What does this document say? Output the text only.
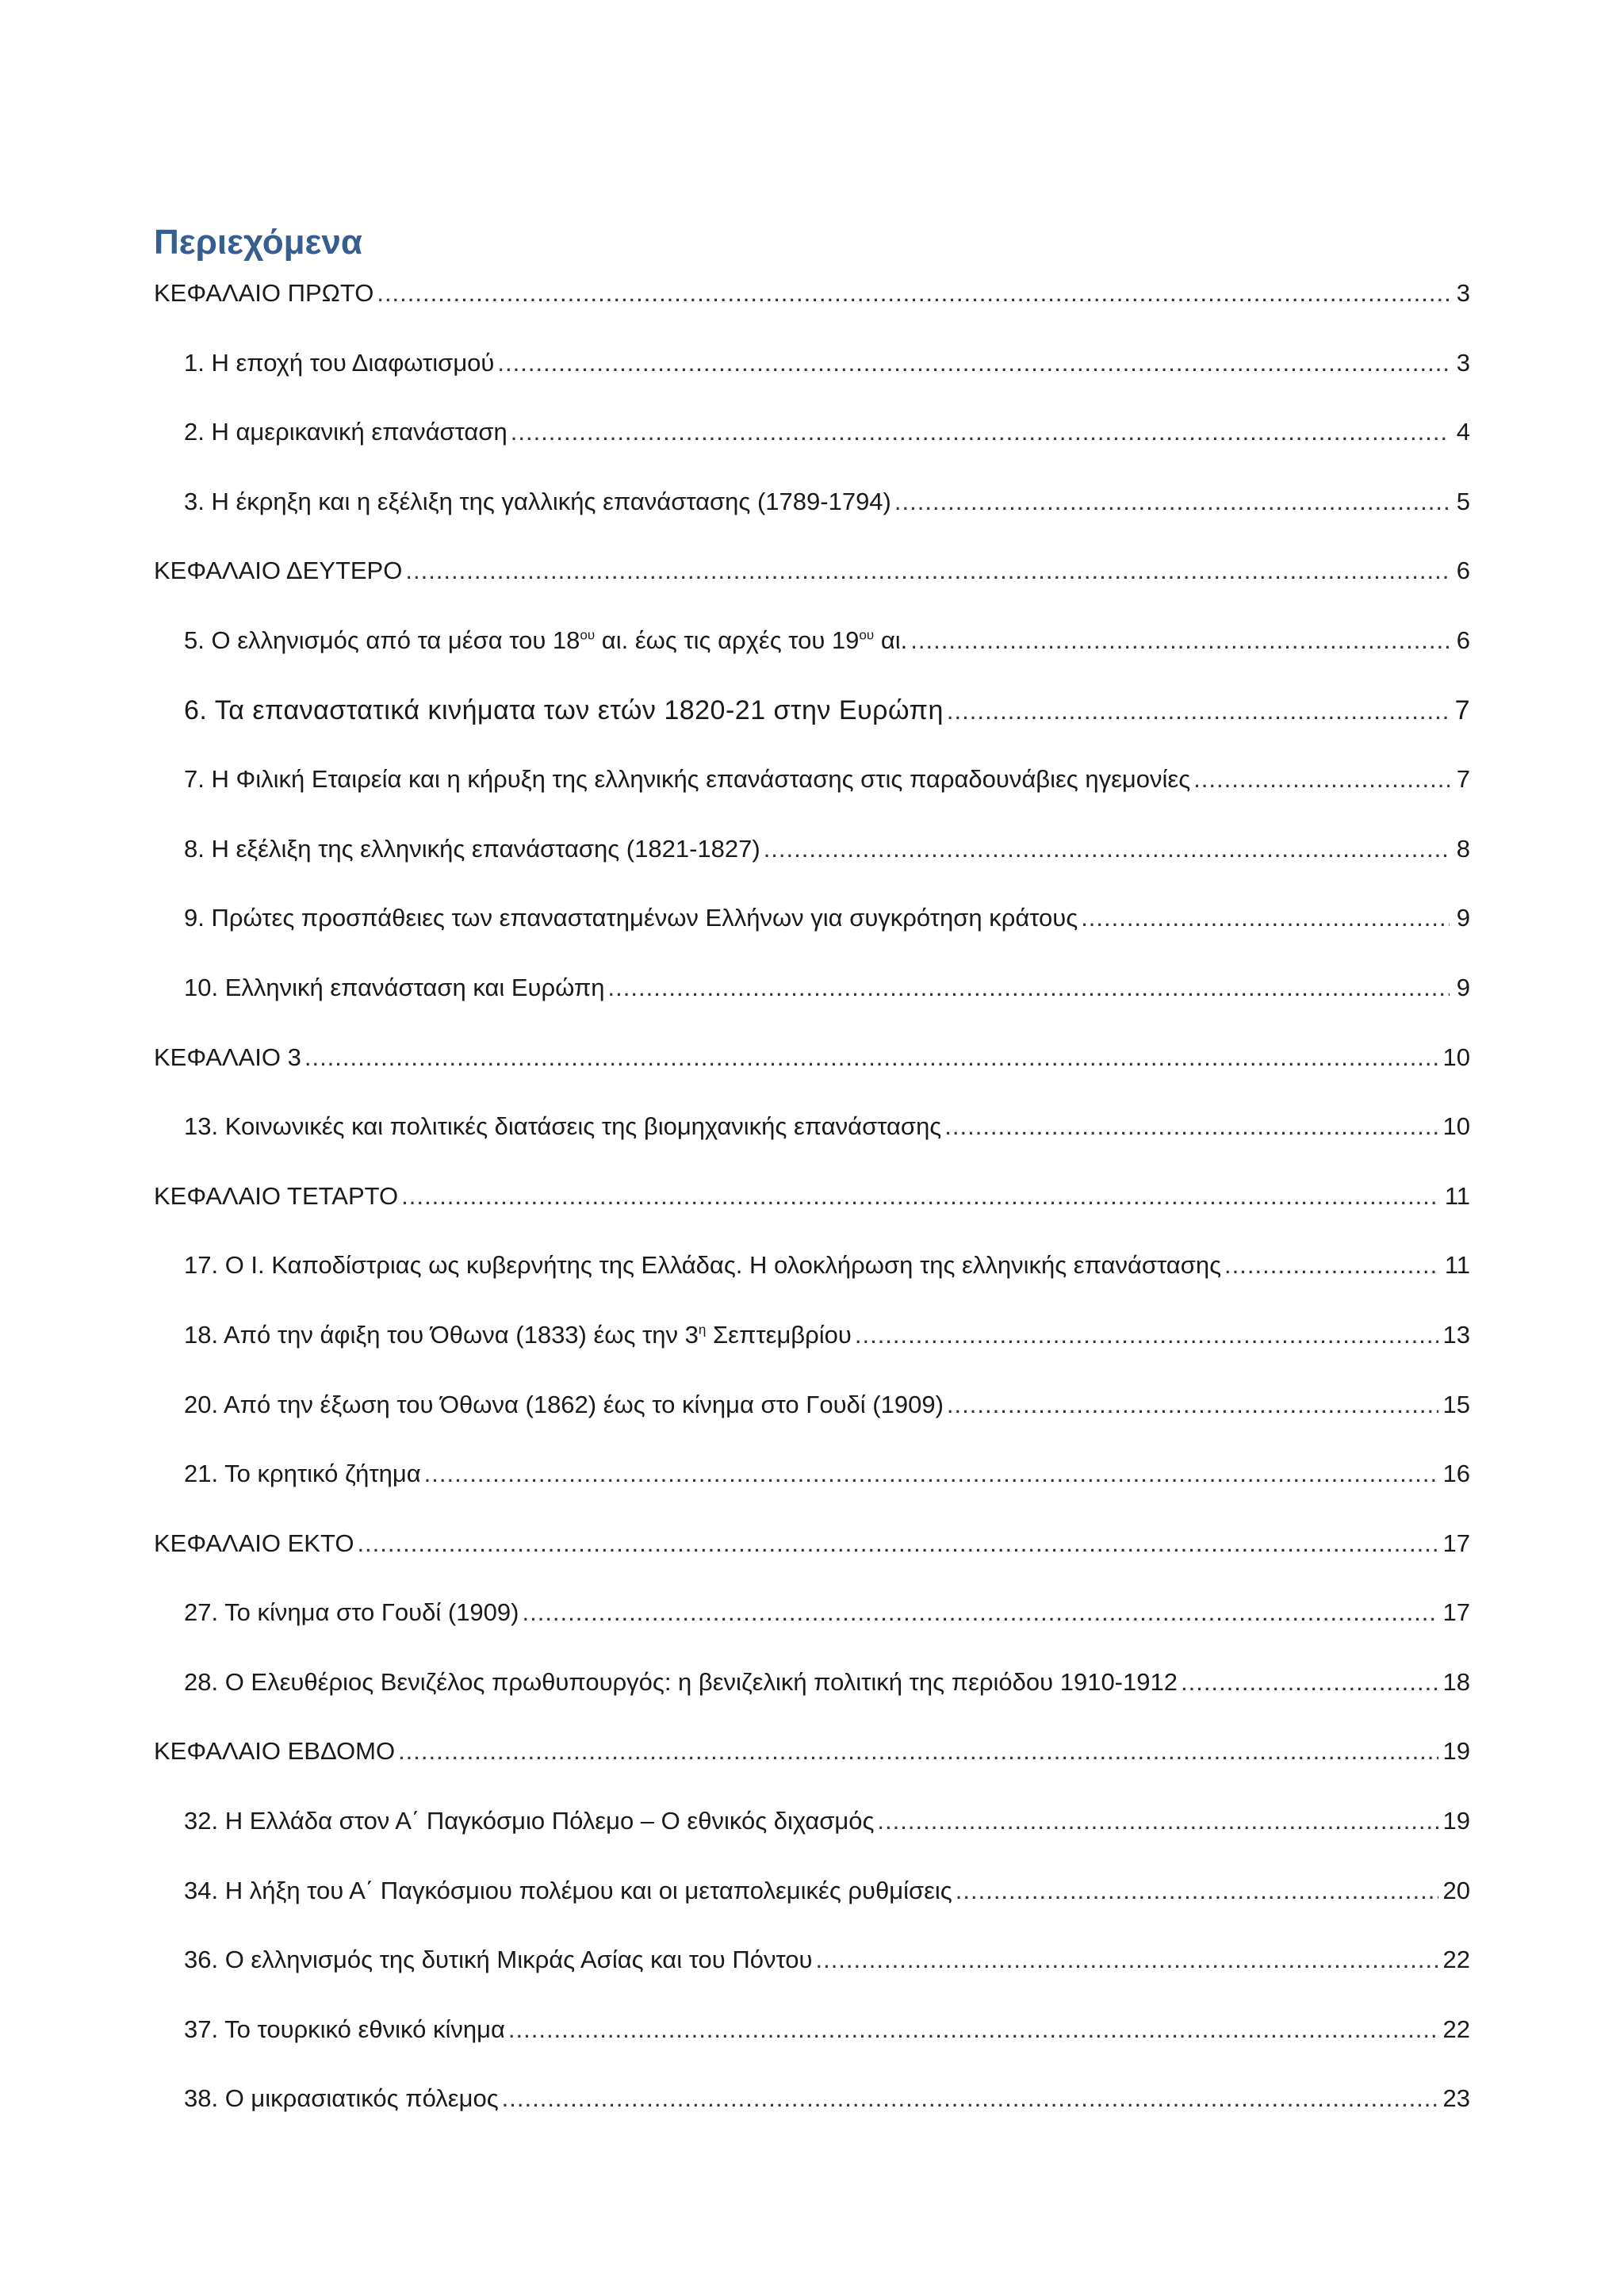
Περιεχόμενα
ΚΕΦΑΛΑΙΟ ΠΡΩΤΟ .....	3
1. Η εποχή του Διαφωτισμού .....	3
2. Η αμερικανική επανάσταση .....	4
3. Η έκρηξη και η εξέλιξη της γαλλικής επανάστασης (1789-1794) .....	5
ΚΕΦΑΛΑΙΟ ΔΕΥΤΕΡΟ .....	6
5. Ο ελληνισμός από τα μέσα του $18^{o\upsilon}$ αι. έως τις αρχές του $19^{o\upsilon}$ αι. .....	6
6. Τα επαναστατικά κινήματα των ετών 1820-21 στην Ευρώπη .....	7
7. Η Φιλική Εταιρεία και η κήρυξη της ελληνικής επανάστασης στις παραδουνάβιες ηγεμονίες .....	7
8. Η εξέλιξη της ελληνικής επανάστασης (1821-1827) .....	8
9. Πρώτες προσπάθειες των επαναστατημένων Ελλήνων για συγκρότηση κράτους .....	9
10. Ελληνική επανάσταση και Ευρώπη .....	9
ΚΕΦΑΛΑΙΟ 3 .....	10
13. Κοινωνικές και πολιτικές διατάσεις της βιομηχανικής επανάστασης .....	10
ΚΕΦΑΛΑΙΟ ΤΕΤΑΡΤΟ .....	11
17. Ο Ι. Καποδίστριας ως κυβερνήτης της Ελλάδας. Η ολοκλήρωση της ελληνικής επανάστασης .....	11
18. Από την άφιξη του Όθωνα (1833) έως την $3^\eta$ Σεπτεμβρίου .....	13
20. Από την έξωση του Όθωνα (1862) έως το κίνημα στο Γουδί (1909) .....	15
21. Το κρητικό ζήτημα .....	16
ΚΕΦΑΛΑΙΟ ΕΚΤΟ .....	17
27. Το κίνημα στο Γουδί (1909) .....	17
28. Ο Ελευθέριος Βενιζέλος πρωθυπουργός: η βενιζελική πολιτική της περιόδου 1910-1912 .....	18
ΚΕΦΑΛΑΙΟ ΕΒΔΟΜΟ .....	19
32. Η Ελλάδα στον Α΄ Παγκόσμιο Πόλεμο – Ο εθνικός διχασμός .....	19
34. Η λήξη του Α΄ Παγκόσμιου πολέμου και οι μεταπολεμικές ρυθμίσεις .....	20
36. Ο ελληνισμός της δυτική Μικράς Ασίας και του Πόντου .....	22
37. Το τουρκικό εθνικό κίνημα .....	22
38. Ο μικρασιατικός πόλεμος .....	23
